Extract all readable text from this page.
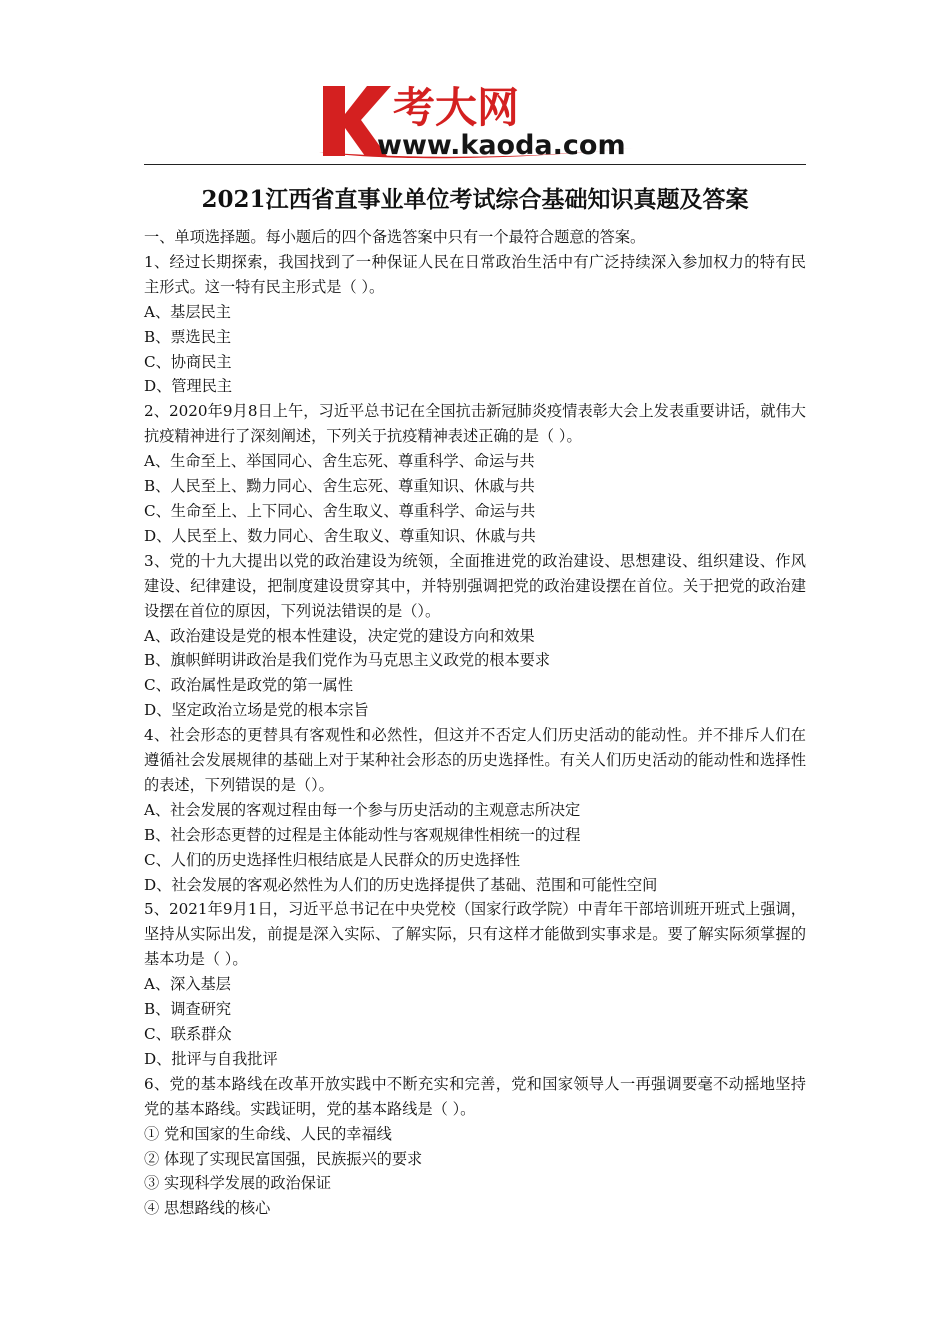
考大网
www.kaoda.com
2021江西省直事业单位考试综合基础知识真题及答案

一、单项选择题。每小题后的四个备选答案中只有一个最符合题意的答案。

1、经过长期探索，我国找到了一种保证人民在日常政治生活中有广泛持续深入参加权力的特有民主形式。这一特有民主形式是（ ）。

A、基层民主

B、票选民主

C、协商民主

D、管理民主

2、2020年9月8日上午，习近平总书记在全国抗击新冠肺炎疫情表彰大会上发表重要讲话，就伟大抗疫精神进行了深刻阐述，下列关于抗疫精神表述正确的是（ ）。

A、生命至上、举国同心、舍生忘死、尊重科学、命运与共

B、人民至上、黝力同心、舍生忘死、尊重知识、休戚与共

C、生命至上、上下同心、舍生取义、尊重科学、命运与共

D、人民至上、数力同心、舍生取义、尊重知识、休戚与共

3、党的十九大提出以党的政治建设为统领，全面推进党的政治建设、思想建设、组织建设、作风建设、纪律建设，把制度建设贯穿其中，并特别强调把党的政治建设摆在首位。关于把党的政治建设摆在首位的原因，下列说法错误的是（）。

A、政治建设是党的根本性建设，决定党的建设方向和效果

B、旗帜鲜明讲政治是我们党作为马克思主义政党的根本要求

C、政治属性是政党的第一属性

D、坚定政治立场是党的根本宗旨

4、社会形态的更替具有客观性和必然性，但这并不否定人们历史活动的能动性。并不排斥人们在遵循社会发展规律的基础上对于某种社会形态的历史选择性。有关人们历史活动的能动性和选择性的表述，下列错误的是（）。

A、社会发展的客观过程由每一个参与历史活动的主观意志所决定

B、社会形态更替的过程是主体能动性与客观规律性相统一的过程

C、人们的历史选择性归根结底是人民群众的历史选择性

D、社会发展的客观必然性为人们的历史选择提供了基础、范围和可能性空间

5、2021年9月1日，习近平总书记在中央党校（国家行政学院）中青年干部培训班开班式上强调，坚持从实际出发，前提是深入实际、了解实际，只有这样才能做到实事求是。要了解实际须掌握的基本功是（ ）。

A、深入基层

B、调查研究

C、联系群众

D、批评与自我批评

6、党的基本路线在改革开放实践中不断充实和完善，党和国家领导人一再强调要毫不动摇地坚持党的基本路线。实践证明，党的基本路线是（ ）。

① 党和国家的生命线、人民的幸福线

② 体现了实现民富国强，民族振兴的要求

③ 实现科学发展的政治保证

④ 思想路线的核心
